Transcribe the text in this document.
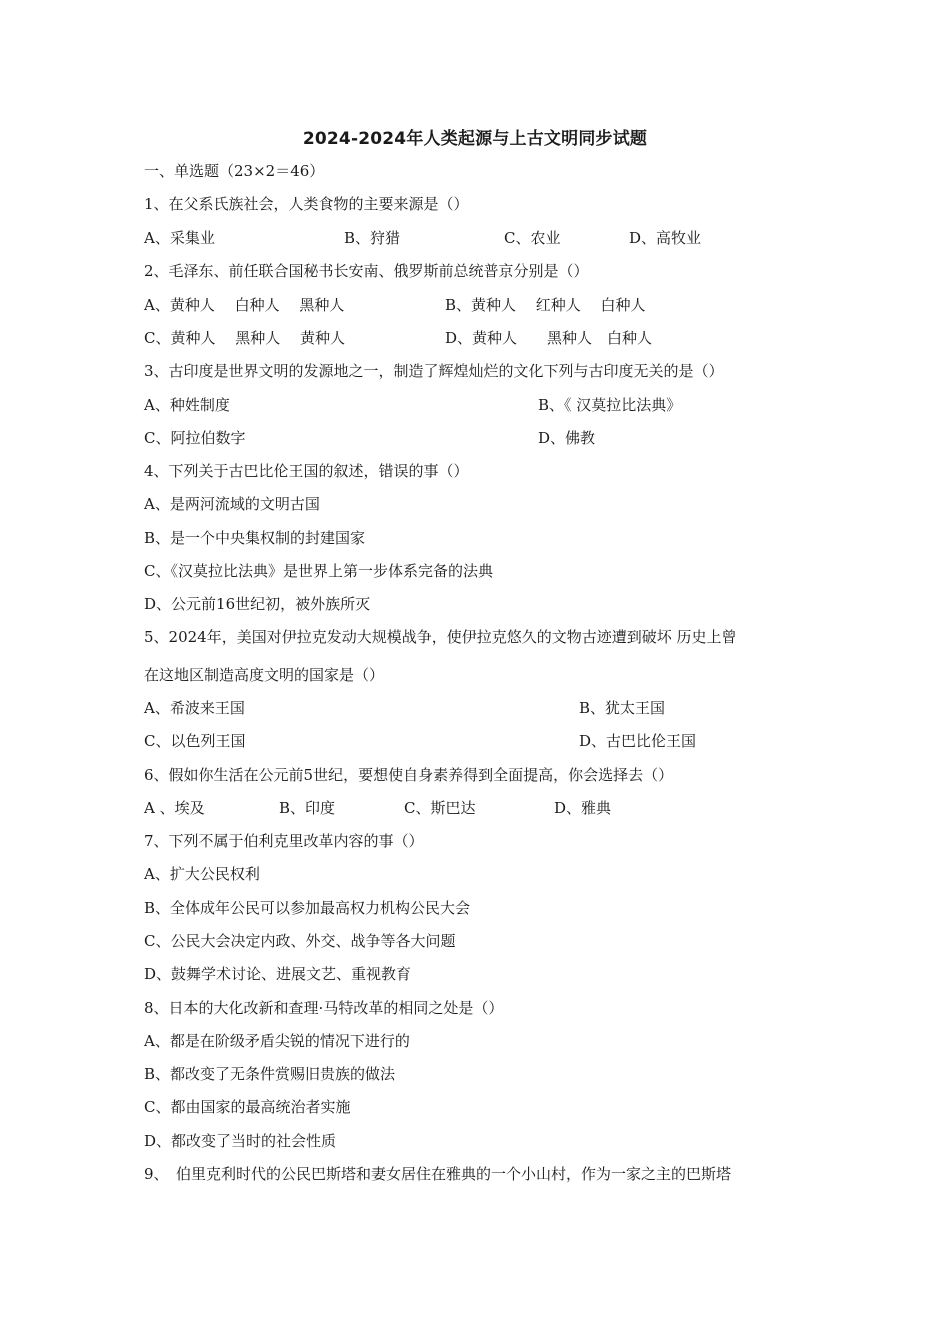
2024-2024年人类起源与上古文明同步试题
一、单选题（23×2＝46）
1、在父系氏族社会，人类食物的主要来源是（）
A、采集业	B、狩猎	C、农业	D、高牧业
2、毛泽东、前任联合国秘书长安南、俄罗斯前总统普京分别是（）
A、黄种人　 白种人　 黑种人	B、黄种人　 红种人　 白种人
C、黄种人　 黑种人　 黄种人	D、黄种人　　黑种人　白种人
3、古印度是世界文明的发源地之一，制造了辉煌灿烂的文化下列与古印度无关的是（）
A、种姓制度	B、《 汉莫拉比法典》
C、阿拉伯数字	D、佛教
4、下列关于古巴比伦王国的叙述，错误的事（）
A、是两河流域的文明古国
B、是一个中央集权制的封建国家
C、《汉莫拉比法典》是世界上第一步体系完备的法典
D、公元前16世纪初，被外族所灭
5、2024年，美国对伊拉克发动大规模战争，使伊拉克悠久的文物古迹遭到破坏 历史上曾
在这地区制造高度文明的国家是（）
A、希波来王国	B、犹太王国
C、以色列王国	D、古巴比伦王国
6、假如你生活在公元前5世纪，要想使自身素养得到全面提高，你会选择去（）
A 、埃及	B、印度	C、斯巴达	D、雅典
7、下列不属于伯利克里改革内容的事（）
A、扩大公民权利
B、全体成年公民可以参加最高权力机构公民大会
C、公民大会决定内政、外交、战争等各大问题
D、鼓舞学术讨论、进展文艺、重视教育
8、日本的大化改新和查理·马特改革的相同之处是（）
A、都是在阶级矛盾尖锐的情况下进行的
B、都改变了无条件赏赐旧贵族的做法
C、都由国家的最高统治者实施
D、都改变了当时的社会性质
9、　伯里克利时代的公民巴斯塔和妻女居住在雅典的一个小山村，作为一家之主的巴斯塔
